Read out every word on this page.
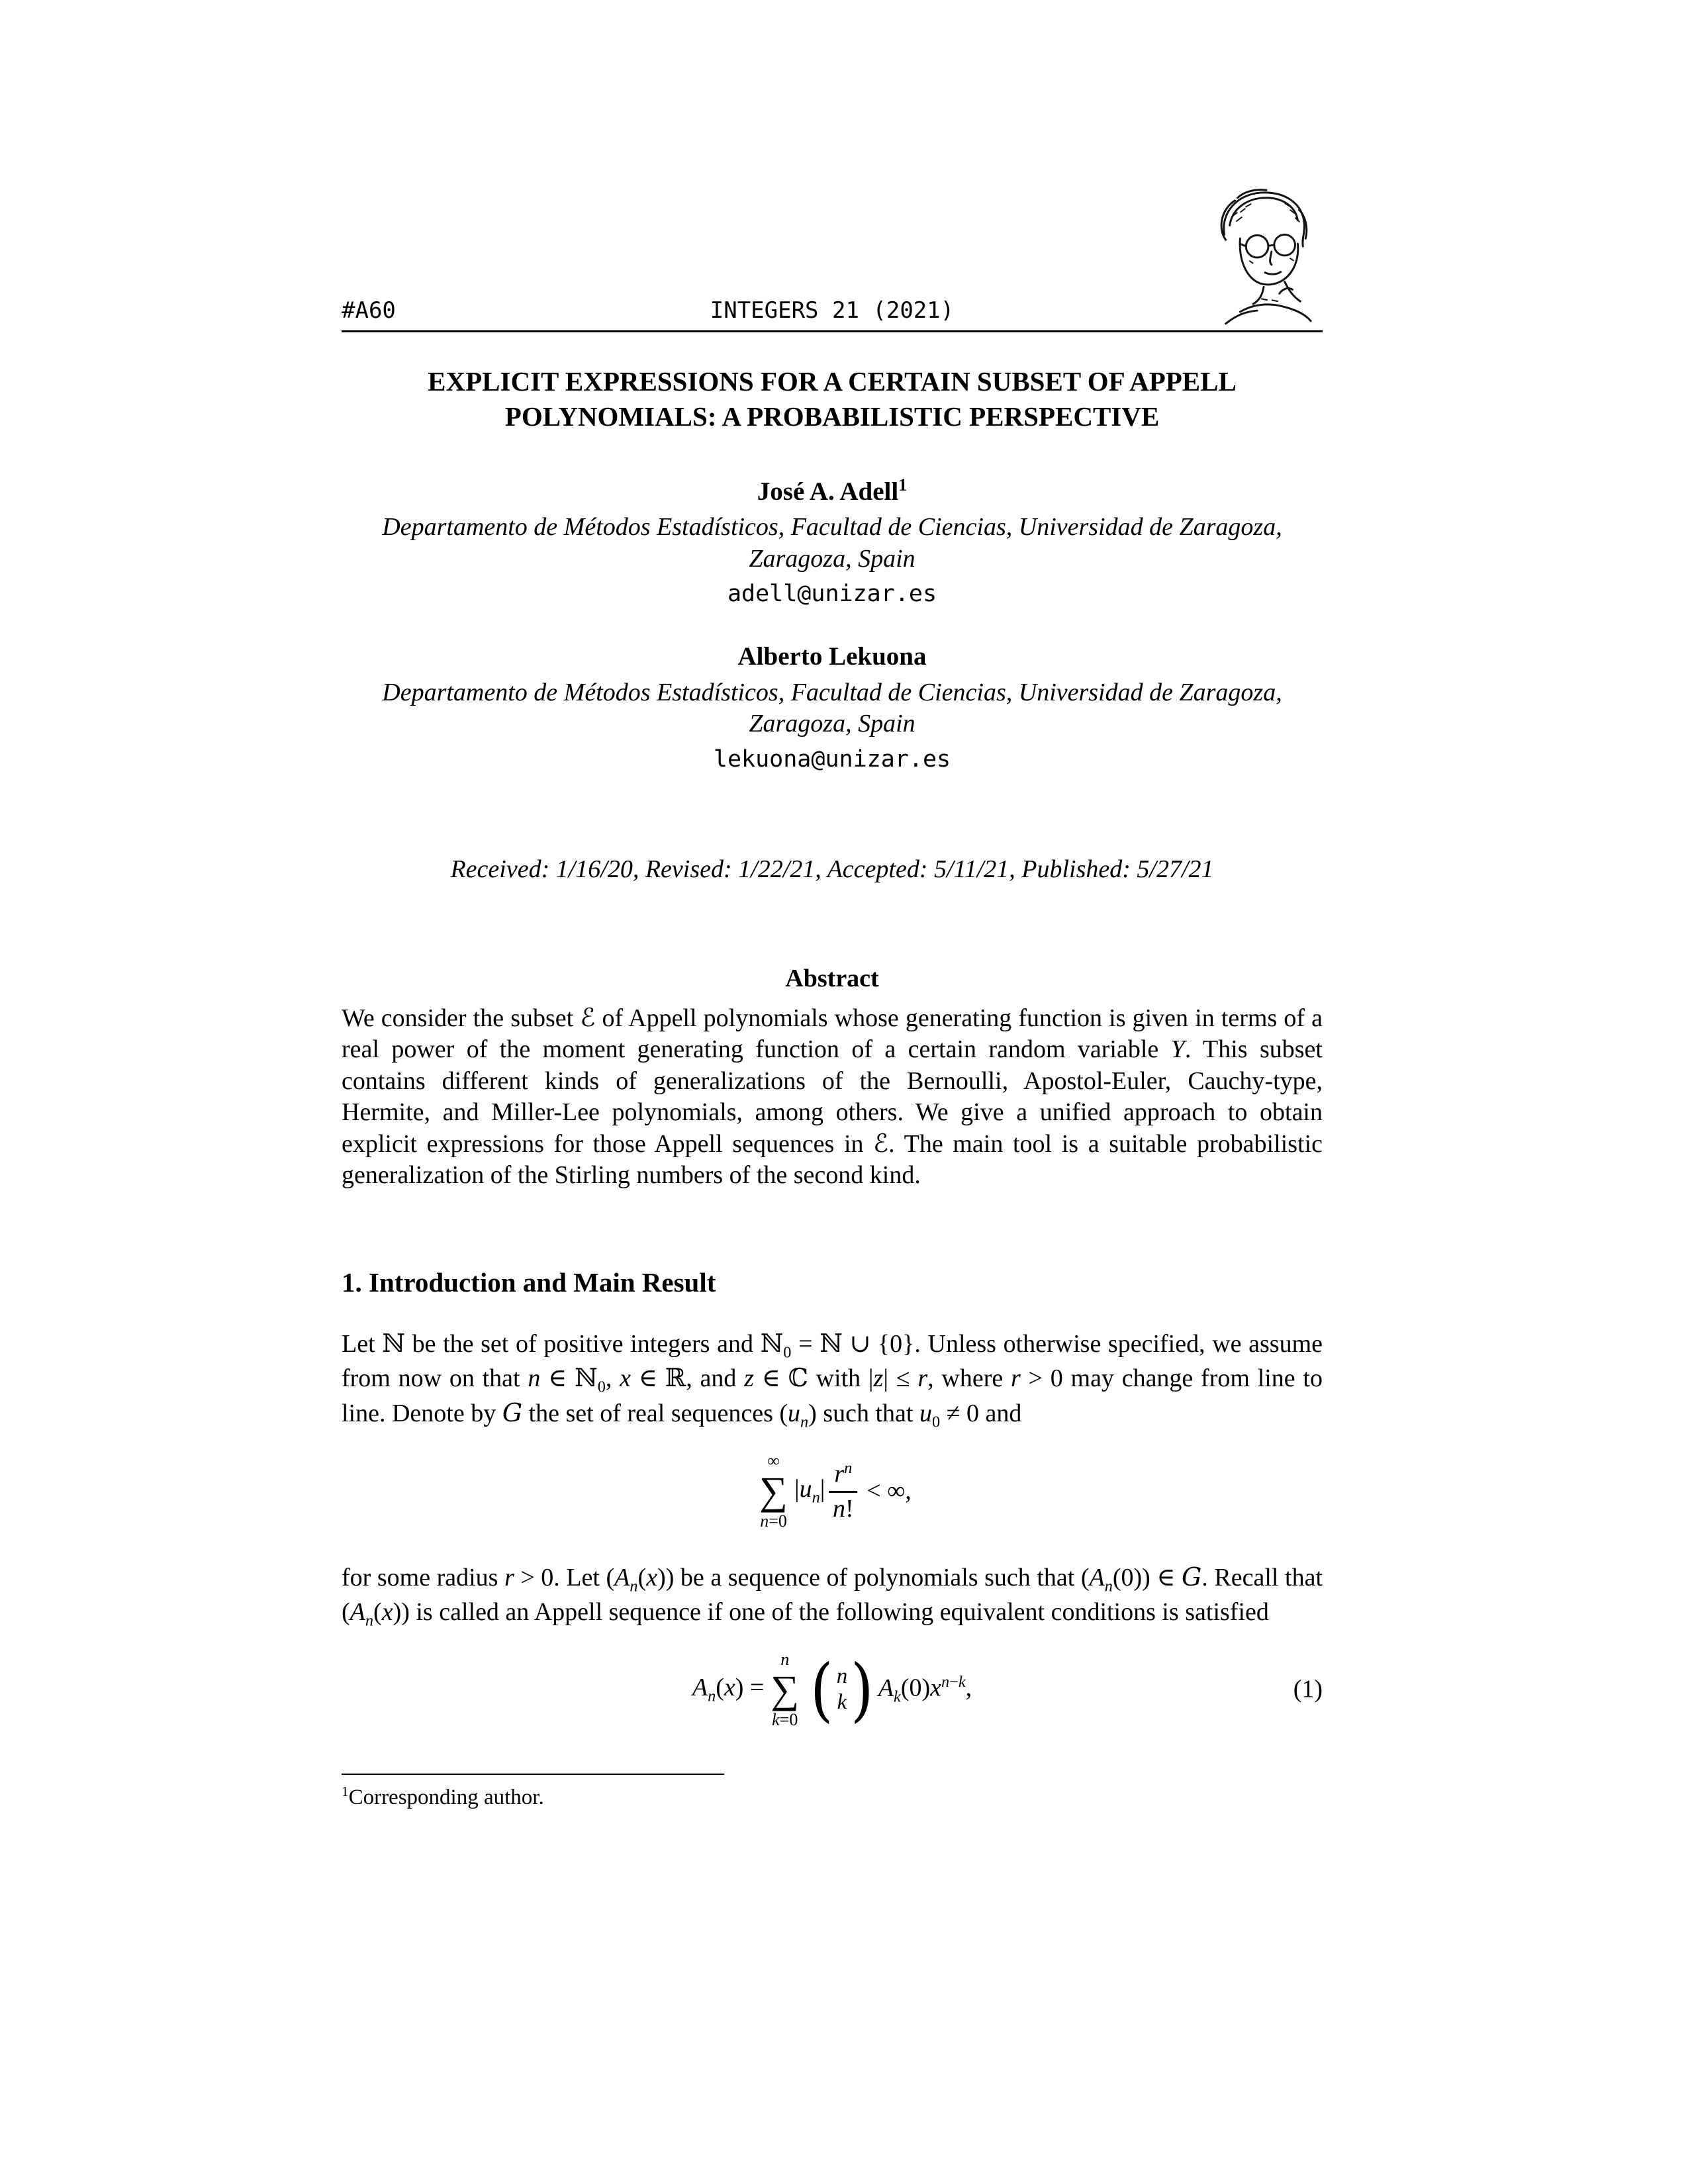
#A60	INTEGERS 21 (2021)
EXPLICIT EXPRESSIONS FOR A CERTAIN SUBSET OF APPELL POLYNOMIALS: A PROBABILISTIC PERSPECTIVE
José A. Adell$^1$
Departamento de Métodos Estadísticos, Facultad de Ciencias, Universidad de Zaragoza, Zaragoza, Spain
adell@unizar.es
Alberto Lekuona
Departamento de Métodos Estadísticos, Facultad de Ciencias, Universidad de Zaragoza, Zaragoza, Spain
lekuona@unizar.es
Received: 1/16/20, Revised: 1/22/21, Accepted: 5/11/21, Published: 5/27/21
Abstract
We consider the subset ℰ of Appell polynomials whose generating function is given in terms of a real power of the moment generating function of a certain random variable Y. This subset contains different kinds of generalizations of the Bernoulli, Apostol-Euler, Cauchy-type, Hermite, and Miller-Lee polynomials, among others. We give a unified approach to obtain explicit expressions for those Appell sequences in ℰ. The main tool is a suitable probabilistic generalization of the Stirling numbers of the second kind.
1. Introduction and Main Result
Let ℕ be the set of positive integers and ℕ$_0$ = ℕ ∪ {0}. Unless otherwise specified, we assume from now on that n ∈ ℕ$_0$, x ∈ ℝ, and z ∈ ℂ with |z| ≤ r, where r > 0 may change from line to line. Denote by G the set of real sequences $(u_n)$ such that $u_0 \ne 0$ and
∞
∑
n=0
$|u_n| \frac{r^n}{n!}$ < ∞,
for some radius r > 0. Let $(A_n(x))$ be a sequence of polynomials such that $(A_n(0))$ ∈ G. Recall that $(A_n(x))$ is called an Appell sequence if one of the following equivalent conditions is satisfied
$A_n(x)$ =
n
∑
k=0 ( n
k ) $A_k(0)x^{n-k}$,	(1)
$^1$Corresponding author.
